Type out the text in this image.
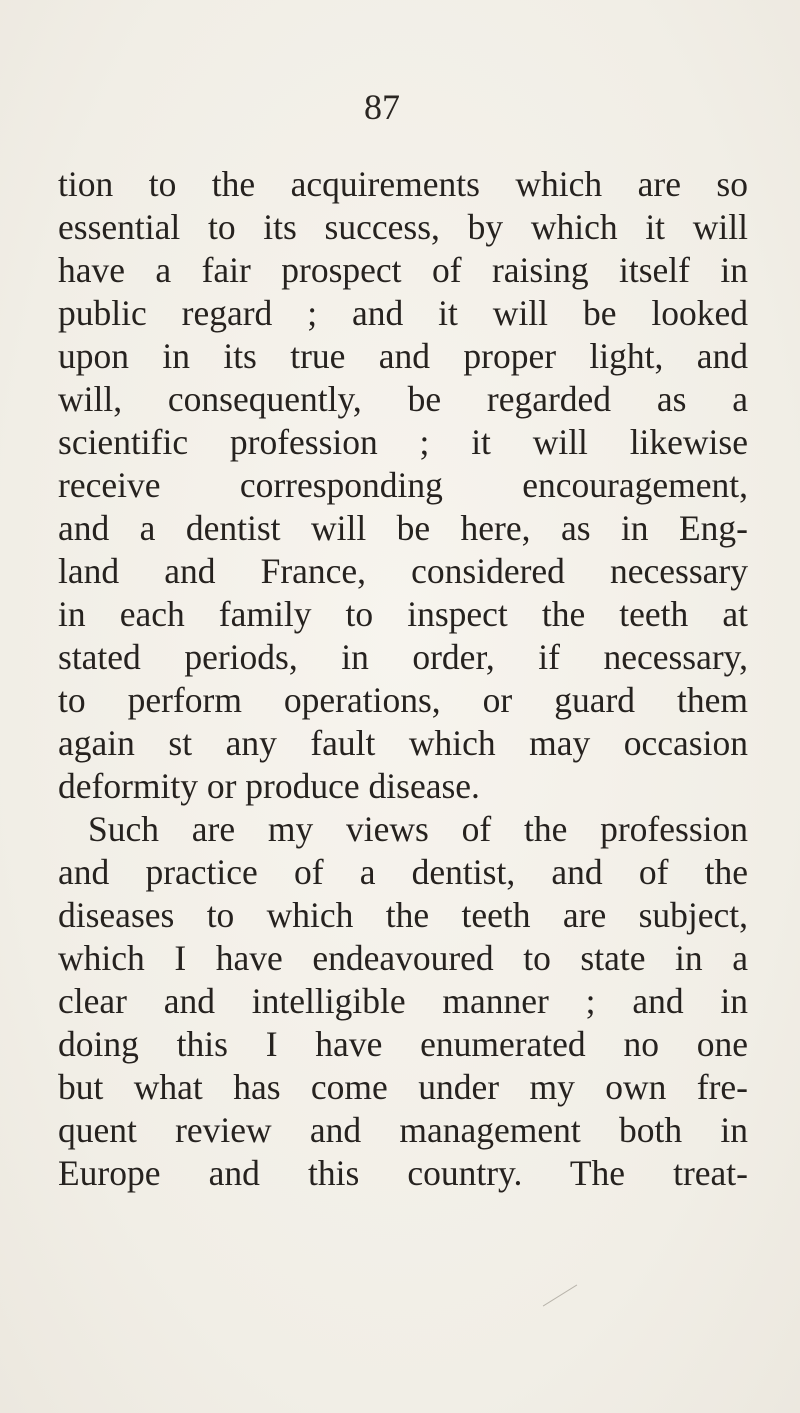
87
tion to the acquirements which are so
essential to its success, by which it will
have a fair prospect of raising itself in
public regard ; and it will be looked
upon in its true and proper light, and
will, consequently, be regarded as a
scientific profession ; it will likewise
receive corresponding encouragement,
and a dentist will be here, as in Eng-
land and France, considered necessary
in each family to inspect the teeth at
stated periods, in order, if necessary,
to perform operations, or guard them
again st any fault which may occasion
deformity or produce disease.
Such are my views of the profession
and practice of a dentist, and of the
diseases to which the teeth are subject,
which I have endeavoured to state in a
clear and intelligible manner ; and in
doing this I have enumerated no one
but what has come under my own fre-
quent review and management both in
Europe and this country. The treat-
